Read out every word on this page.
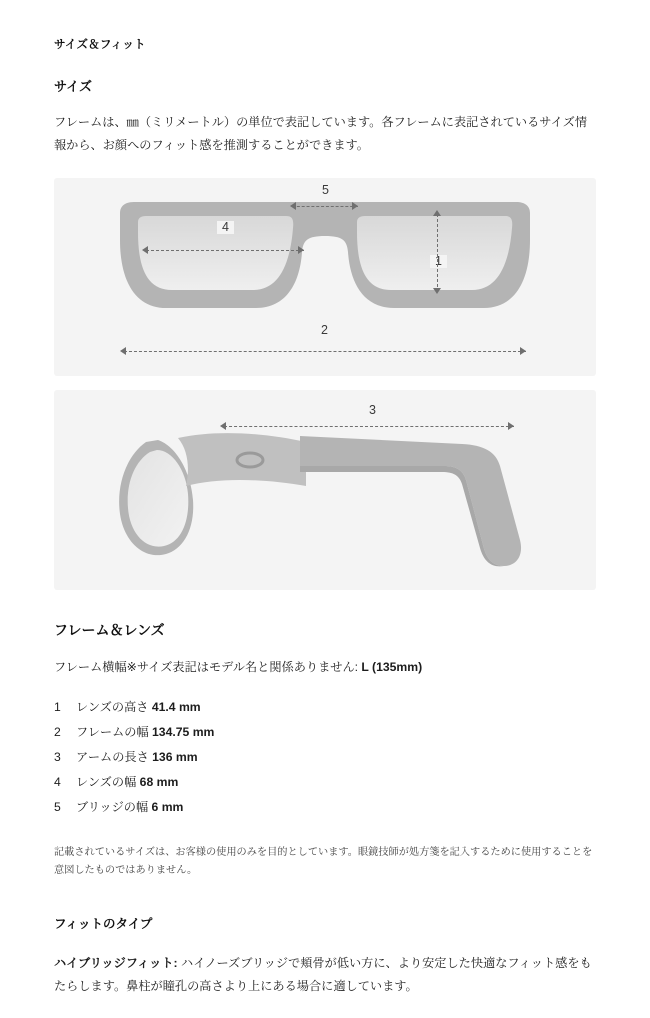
サイズ＆フィット
サイズ

フレームは、㎜（ミリメートル）の単位で表記しています。各フレームに表記されているサイズ情報から、お顔へのフィット感を推測することができます。

5
4
1
2
3
フレーム＆レンズ

フレーム横幅※サイズ表記はモデル名と関係ありません: L (135mm)

1 レンズの高さ 41.4 mm
2 フレームの幅 134.75 mm
3 アームの長さ 136 mm
4 レンズの幅 68 mm
5 ブリッジの幅 6 mm

記載されているサイズは、お客様の使用のみを目的としています。眼鏡技師が処方箋を記入するために使用することを意図したものではありません。

フィットのタイプ

ハイブリッジフィット: ハイノーズブリッジで頬骨が低い方に、より安定した快適なフィット感をもたらします。鼻柱が瞳孔の高さより上にある場合に適しています。
